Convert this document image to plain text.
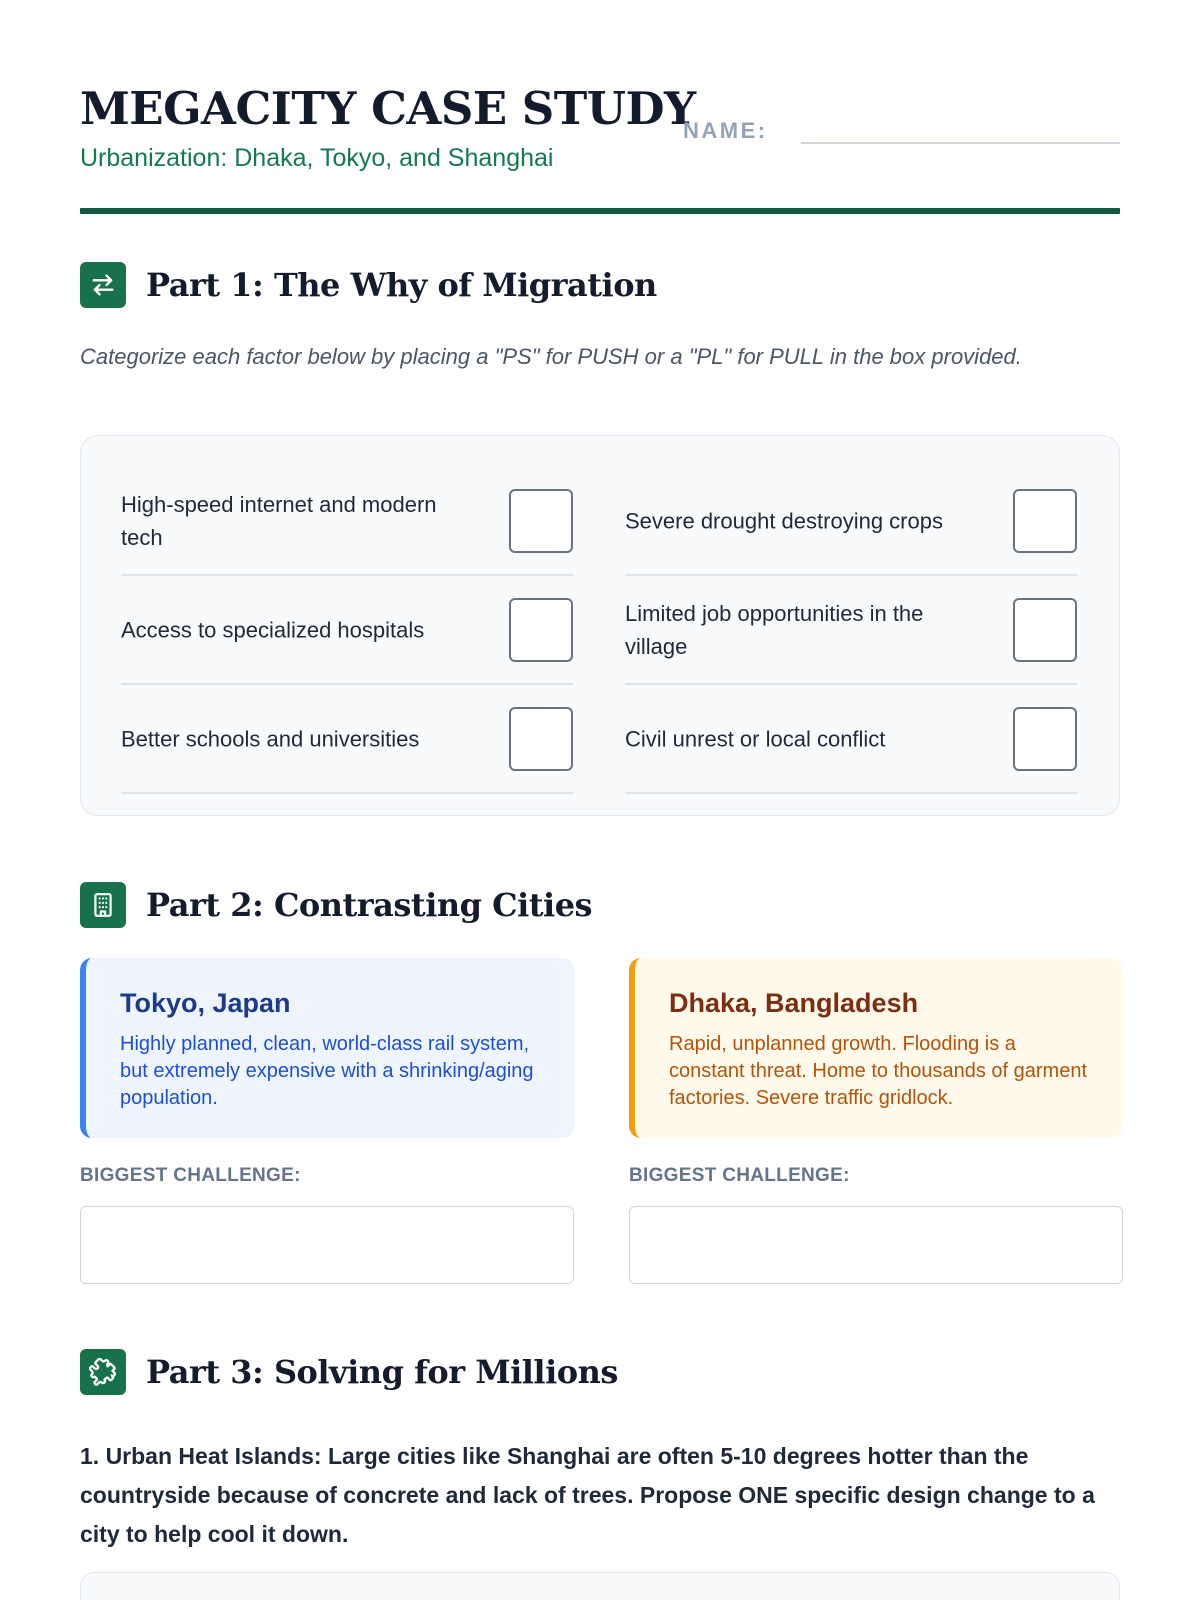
MEGACITY CASE STUDY
Urbanization: Dhaka, Tokyo, and Shanghai
NAME:
Part 1: The Why of Migration
Categorize each factor below by placing a "PS" for PUSH or a "PL" for PULL in the box provided.
High-speed internet and modern tech
Severe drought destroying crops
Access to specialized hospitals
Limited job opportunities in the village
Better schools and universities	Civil unrest or local conflict
Part 2: Contrasting Cities
Tokyo, Japan
Highly planned, clean, world-class rail system, but extremely expensive with a shrinking/aging population.
Dhaka, Bangladesh
Rapid, unplanned growth. Flooding is a constant threat. Home to thousands of garment factories. Severe traffic gridlock.
BIGGEST CHALLENGE:	BIGGEST CHALLENGE:
Part 3: Solving for Millions
1. Urban Heat Islands: Large cities like Shanghai are often 5-10 degrees hotter than the countryside because of concrete and lack of trees. Propose ONE specific design change to a city to help cool it down.
